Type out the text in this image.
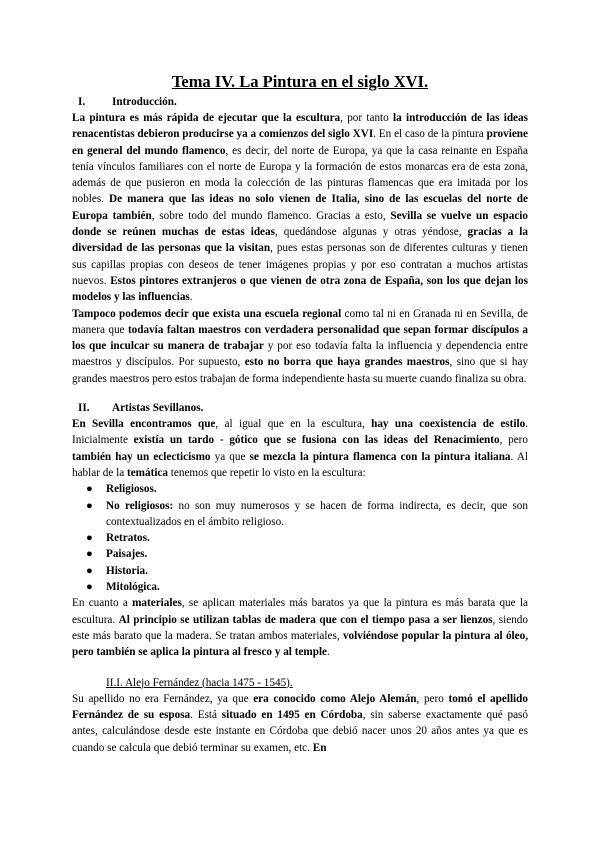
Tema IV. La Pintura en el siglo XVI.
I.	Introducción.

La pintura es más rápida de ejecutar que la escultura, por tanto la introducción de las ideas renacentistas debieron producirse ya a comienzos del siglo XVI. En el caso de la pintura proviene en general del mundo flamenco, es decir, del norte de Europa, ya que la casa reinante en España tenía vínculos familiares con el norte de Europa y la formación de estos monarcas era de esta zona, además de que pusieron en moda la colección de las pinturas flamencas que era imitada por los nobles. De manera que las ideas no solo vienen de Italia, sino de las escuelas del norte de Europa también, sobre todo del mundo flamenco. Gracias a esto, Sevilla se vuelve un espacio donde se reúnen muchas de estas ideas, quedándose algunas y otras yéndose, gracias a la diversidad de las personas que la visitan, pues estas personas son de diferentes culturas y tienen sus capillas propias con deseos de tener imágenes propias y por eso contratan a muchos artistas nuevos. Estos pintores extranjeros o que vienen de otra zona de España, son los que dejan los modelos y las influencias.

Tampoco podemos decir que exista una escuela regional como tal ni en Granada ni en Sevilla, de manera que todavía faltan maestros con verdadera personalidad que sepan formar discípulos a los que inculcar su manera de trabajar y por eso todavía falta la influencia y dependencia entre maestros y discípulos. Por supuesto, esto no borra que haya grandes maestros, sino que si hay grandes maestros pero estos trabajan de forma independiente hasta su muerte cuando finaliza su obra.

II.	Artistas Sevillanos.

En Sevilla encontramos que, al igual que en la escultura, hay una coexistencia de estilo. Inicialmente existía un tardo - gótico que se fusiona con las ideas del Renacimiento, pero también hay un eclecticismo ya que se mezcla la pintura flamenca con la pintura italiana. Al hablar de la temática tenemos que repetir lo visto en la escultura:

● Religiosos.
● No religiosos: no son muy numerosos y se hacen de forma indirecta, es decir, que son contextualizados en el ámbito religioso.
● Retratos.
● Paisajes.
● Historia.
● Mitológica.

En cuanto a materiales, se aplican materiales más baratos ya que la pintura es más barata que la escultura. Al principio se utilizan tablas de madera que con el tiempo pasa a ser lienzos, siendo este más barato que la madera. Se tratan ambos materiales, volviéndose popular la pintura al óleo, pero también se aplica la pintura al fresco y al temple.

II.I. Alejo Fernández (hacia 1475 - 1545).

Su apellido no era Fernández, ya que era conocido como Alejo Alemán, pero tomó el apellido Fernández de su esposa. Está situado en 1495 en Córdoba, sin saberse exactamente qué pasó antes, calculándose desde este instante en Córdoba que debió nacer unos 20 años antes ya que es cuando se calcula que debió terminar su examen, etc. En
